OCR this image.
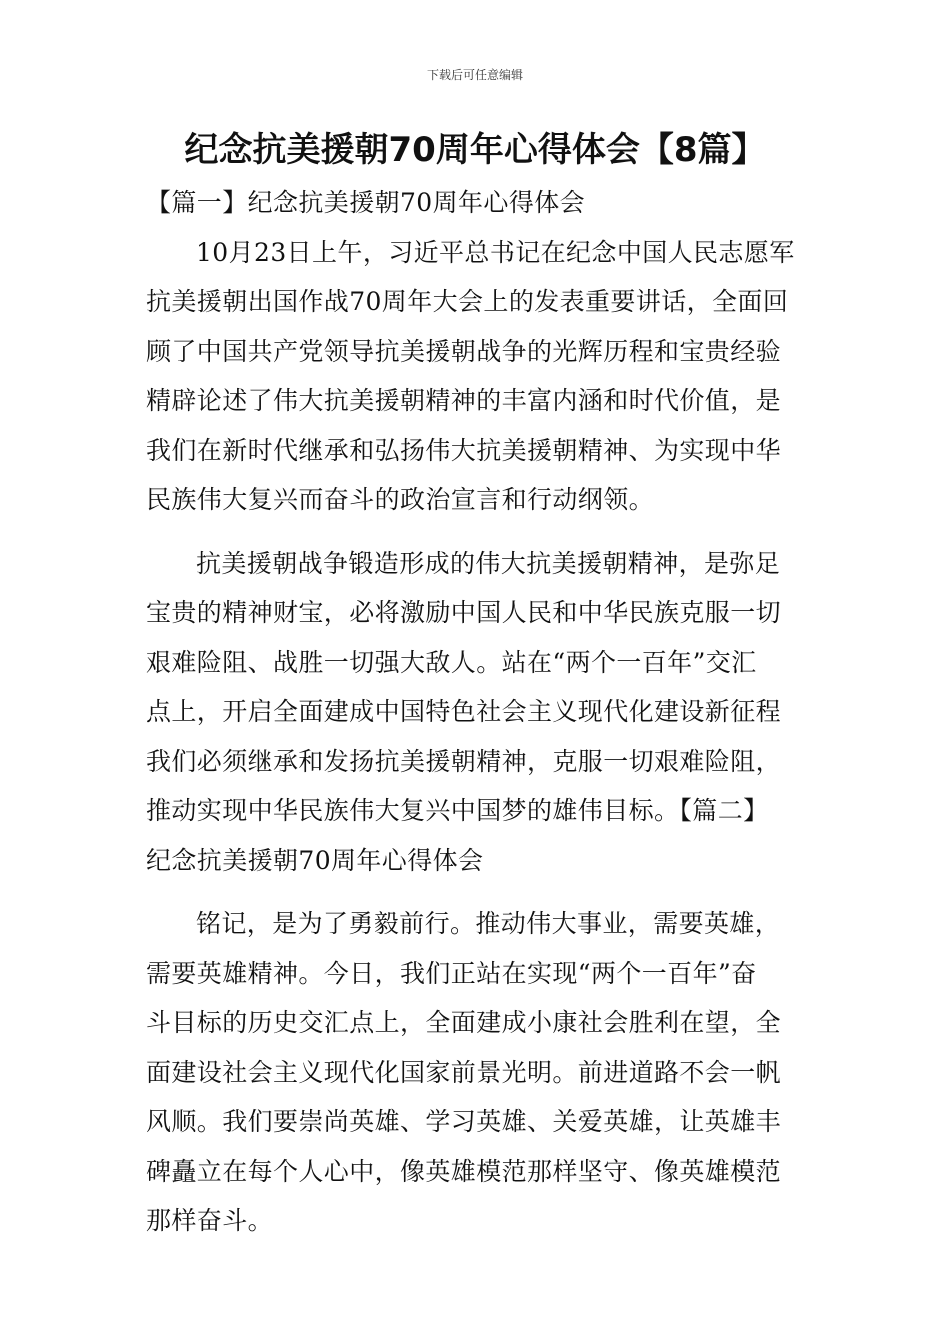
下载后可任意编辑
纪念抗美援朝70周年心得体会【8篇】
【篇一】纪念抗美援朝70周年心得体会
10月23日上午，习近平总书记在纪念中国人民志愿军
抗美援朝出国作战70周年大会上的发表重要讲话，全面回
顾了中国共产党领导抗美援朝战争的光辉历程和宝贵经验
精辟论述了伟大抗美援朝精神的丰富内涵和时代价值，是
我们在新时代继承和弘扬伟大抗美援朝精神、为实现中华
民族伟大复兴而奋斗的政治宣言和行动纲领。
抗美援朝战争锻造形成的伟大抗美援朝精神，是弥足
宝贵的精神财宝，必将激励中国人民和中华民族克服一切
艰难险阻、战胜一切强大敌人。站在“两个一百年”交汇
点上，开启全面建成中国特色社会主义现代化建设新征程
我们必须继承和发扬抗美援朝精神，克服一切艰难险阻，
推动实现中华民族伟大复兴中国梦的雄伟目标。【篇二】
纪念抗美援朝70周年心得体会
铭记，是为了勇毅前行。推动伟大事业，需要英雄，
需要英雄精神。今日，我们正站在实现“两个一百年”奋
斗目标的历史交汇点上，全面建成小康社会胜利在望，全
面建设社会主义现代化国家前景光明。前进道路不会一帆
风顺。我们要崇尚英雄、学习英雄、关爱英雄，让英雄丰
碑矗立在每个人心中，像英雄模范那样坚守、像英雄模范
那样奋斗。
